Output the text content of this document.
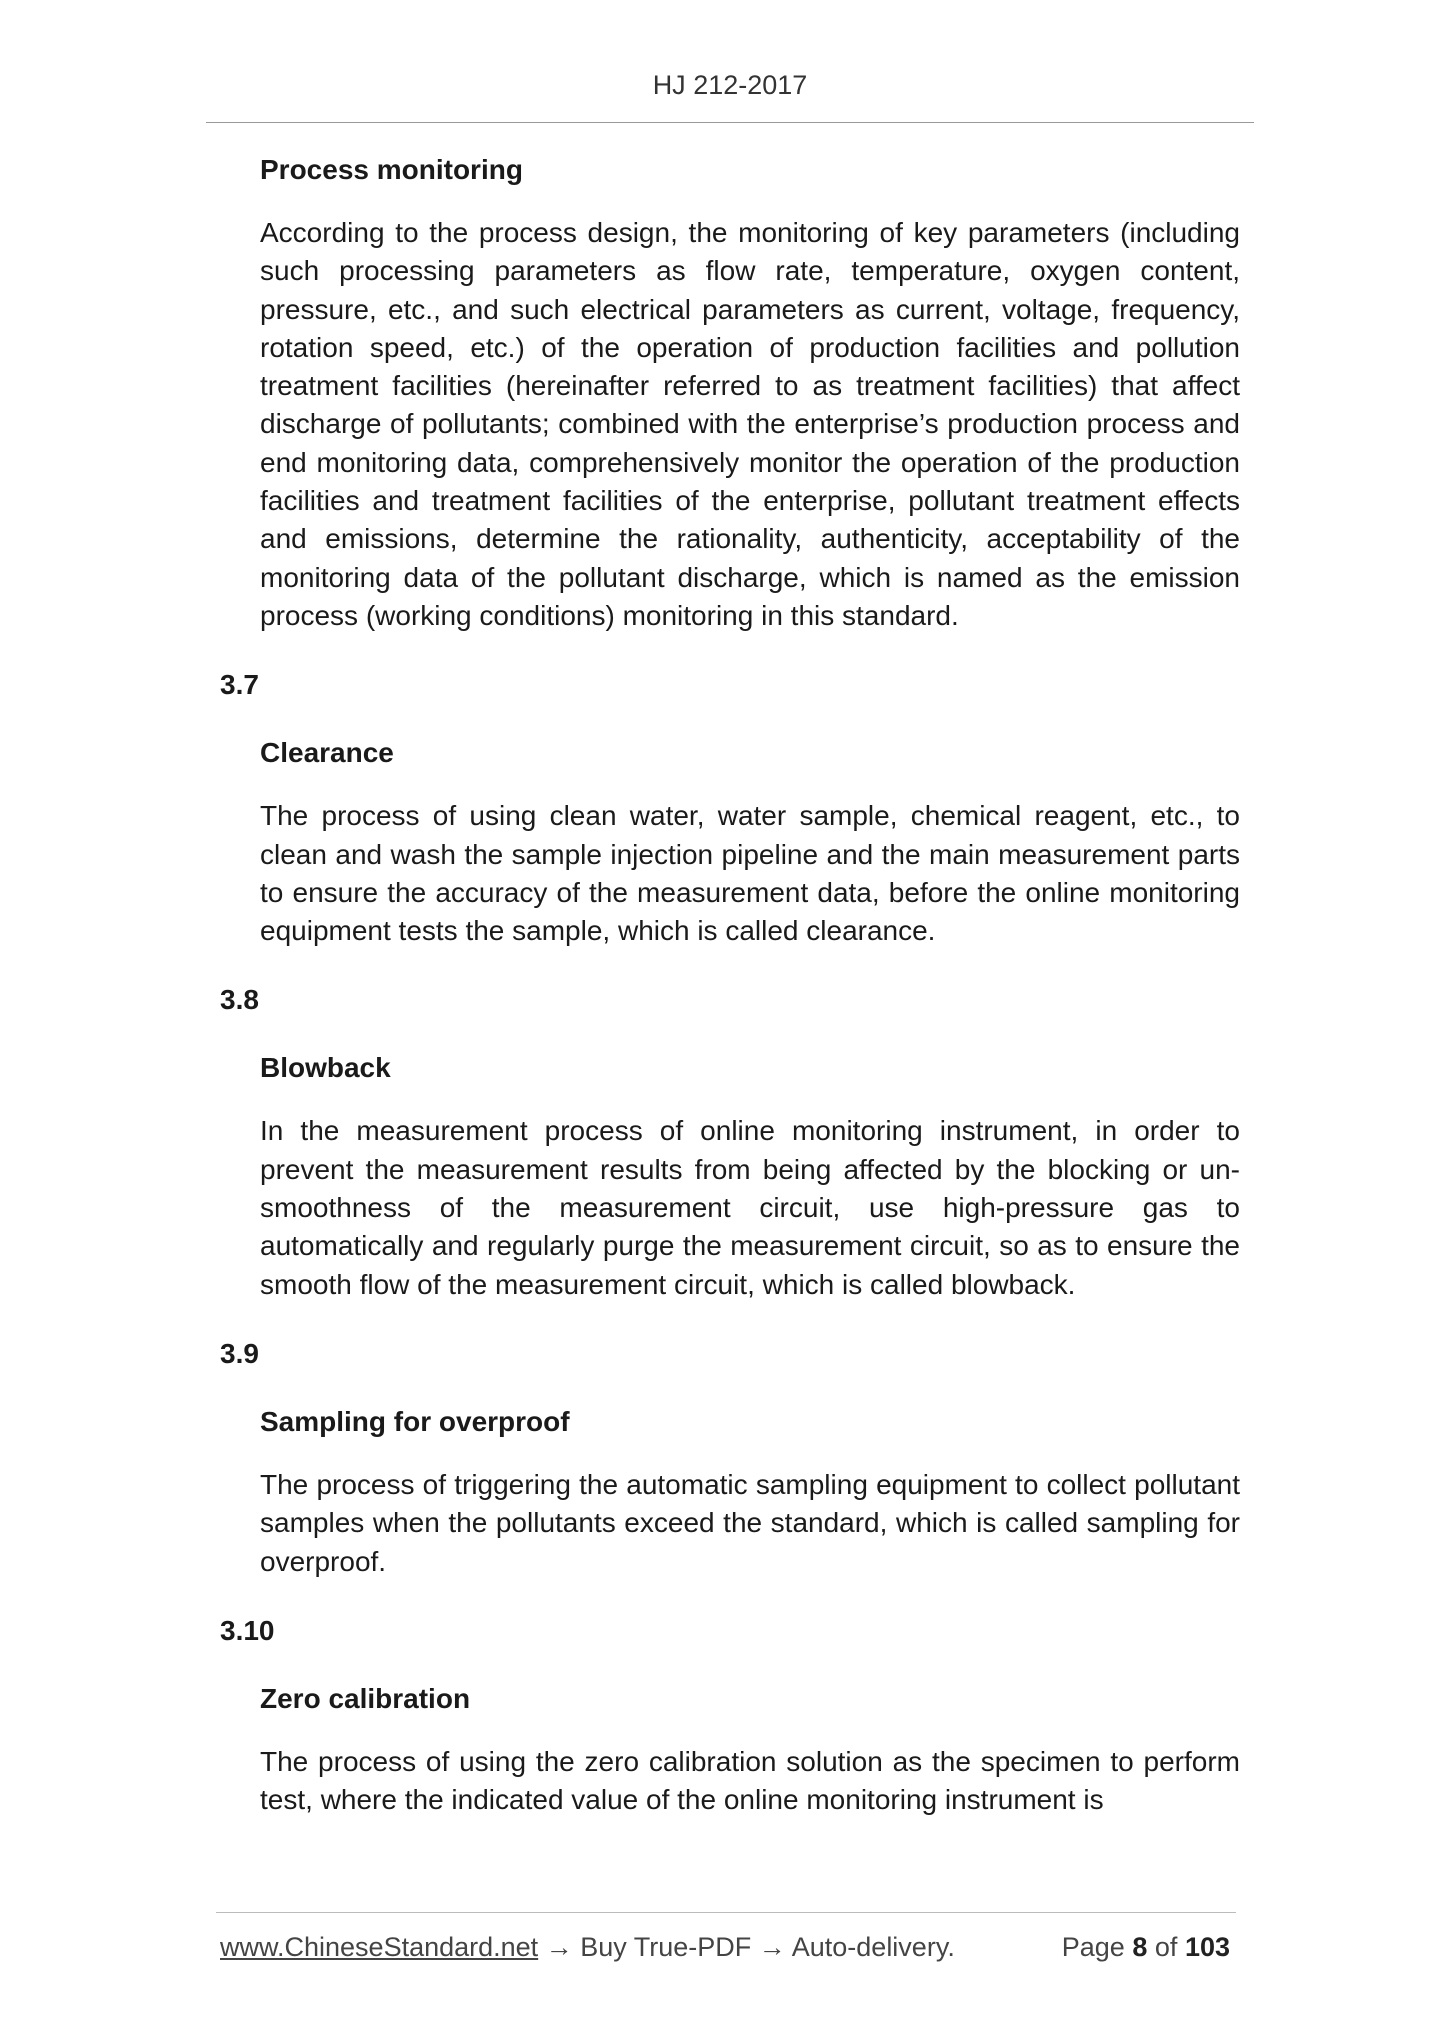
HJ 212-2017
Process monitoring
According to the process design, the monitoring of key parameters (including such processing parameters as flow rate, temperature, oxygen content, pressure, etc., and such electrical parameters as current, voltage, frequency, rotation speed, etc.) of the operation of production facilities and pollution treatment facilities (hereinafter referred to as treatment facilities) that affect discharge of pollutants; combined with the enterprise’s production process and end monitoring data, comprehensively monitor the operation of the production facilities and treatment facilities of the enterprise, pollutant treatment effects and emissions, determine the rationality, authenticity, acceptability of the monitoring data of the pollutant discharge, which is named as the emission process (working conditions) monitoring in this standard.
3.7
Clearance
The process of using clean water, water sample, chemical reagent, etc., to clean and wash the sample injection pipeline and the main measurement parts to ensure the accuracy of the measurement data, before the online monitoring equipment tests the sample, which is called clearance.
3.8
Blowback
In the measurement process of online monitoring instrument, in order to prevent the measurement results from being affected by the blocking or un-smoothness of the measurement circuit, use high-pressure gas to automatically and regularly purge the measurement circuit, so as to ensure the smooth flow of the measurement circuit, which is called blowback.
3.9
Sampling for overproof
The process of triggering the automatic sampling equipment to collect pollutant samples when the pollutants exceed the standard, which is called sampling for overproof.
3.10
Zero calibration
The process of using the zero calibration solution as the specimen to perform test, where the indicated value of the online monitoring instrument is
www.ChineseStandard.net → Buy True-PDF → Auto-delivery.	Page 8 of 103
